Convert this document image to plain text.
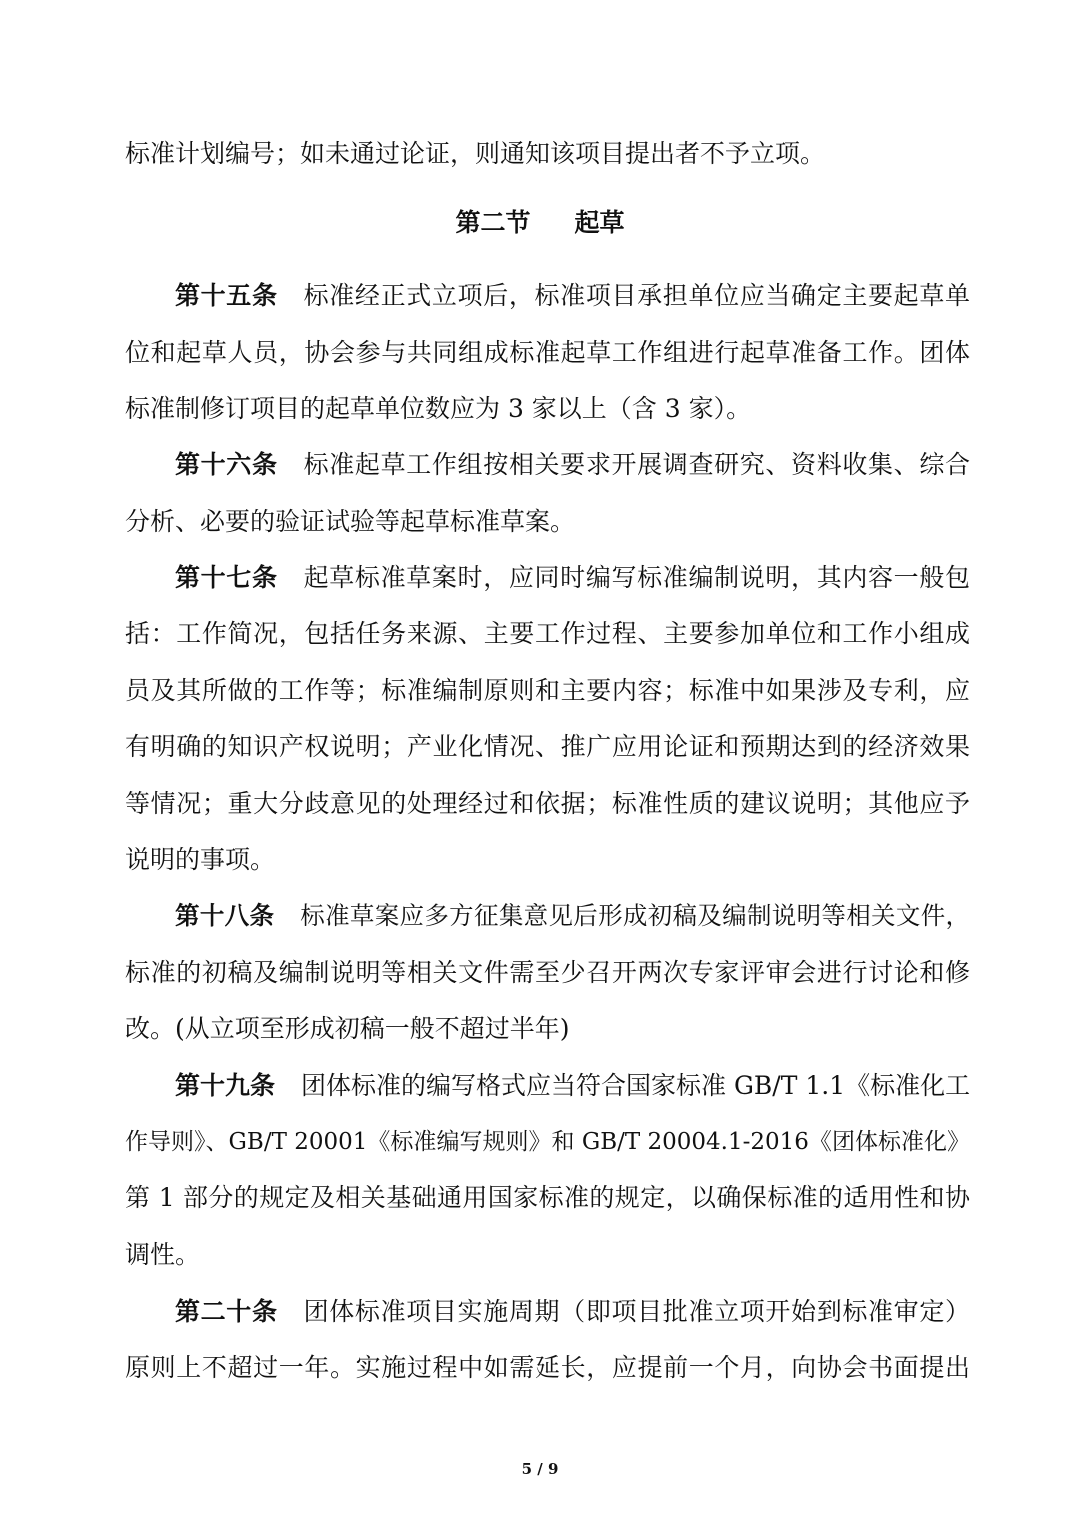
标准计划编号；如未通过论证，则通知该项目提出者不予立项。
第二节 起草
第十五条 标准经正式立项后，标准项目承担单位应当确定主要起草单
位和起草人员，协会参与共同组成标准起草工作组进行起草准备工作。团体
标准制修订项目的起草单位数应为 3 家以上（含 3 家）。
第十六条 标准起草工作组按相关要求开展调查研究、资料收集、综合
分析、必要的验证试验等起草标准草案。
第十七条 起草标准草案时，应同时编写标准编制说明，其内容一般包
括：工作简况，包括任务来源、主要工作过程、主要参加单位和工作小组成
员及其所做的工作等；标准编制原则和主要内容；标准中如果涉及专利，应
有明确的知识产权说明；产业化情况、推广应用论证和预期达到的经济效果
等情况；重大分歧意见的处理经过和依据；标准性质的建议说明；其他应予
说明的事项。
第十八条 标准草案应多方征集意见后形成初稿及编制说明等相关文件，
标准的初稿及编制说明等相关文件需至少召开两次专家评审会进行讨论和修
改。(从立项至形成初稿一般不超过半年)
第十九条 团体标准的编写格式应当符合国家标准 GB/T 1.1《标准化工
作导则》、GB/T 20001《标准编写规则》和 GB/T 20004.1-2016《团体标准化》
第 1 部分的规定及相关基础通用国家标准的规定，以确保标准的适用性和协
调性。
第二十条 团体标准项目实施周期（即项目批准立项开始到标准审定）
原则上不超过一年。实施过程中如需延长，应提前一个月，向协会书面提出
5 / 9
